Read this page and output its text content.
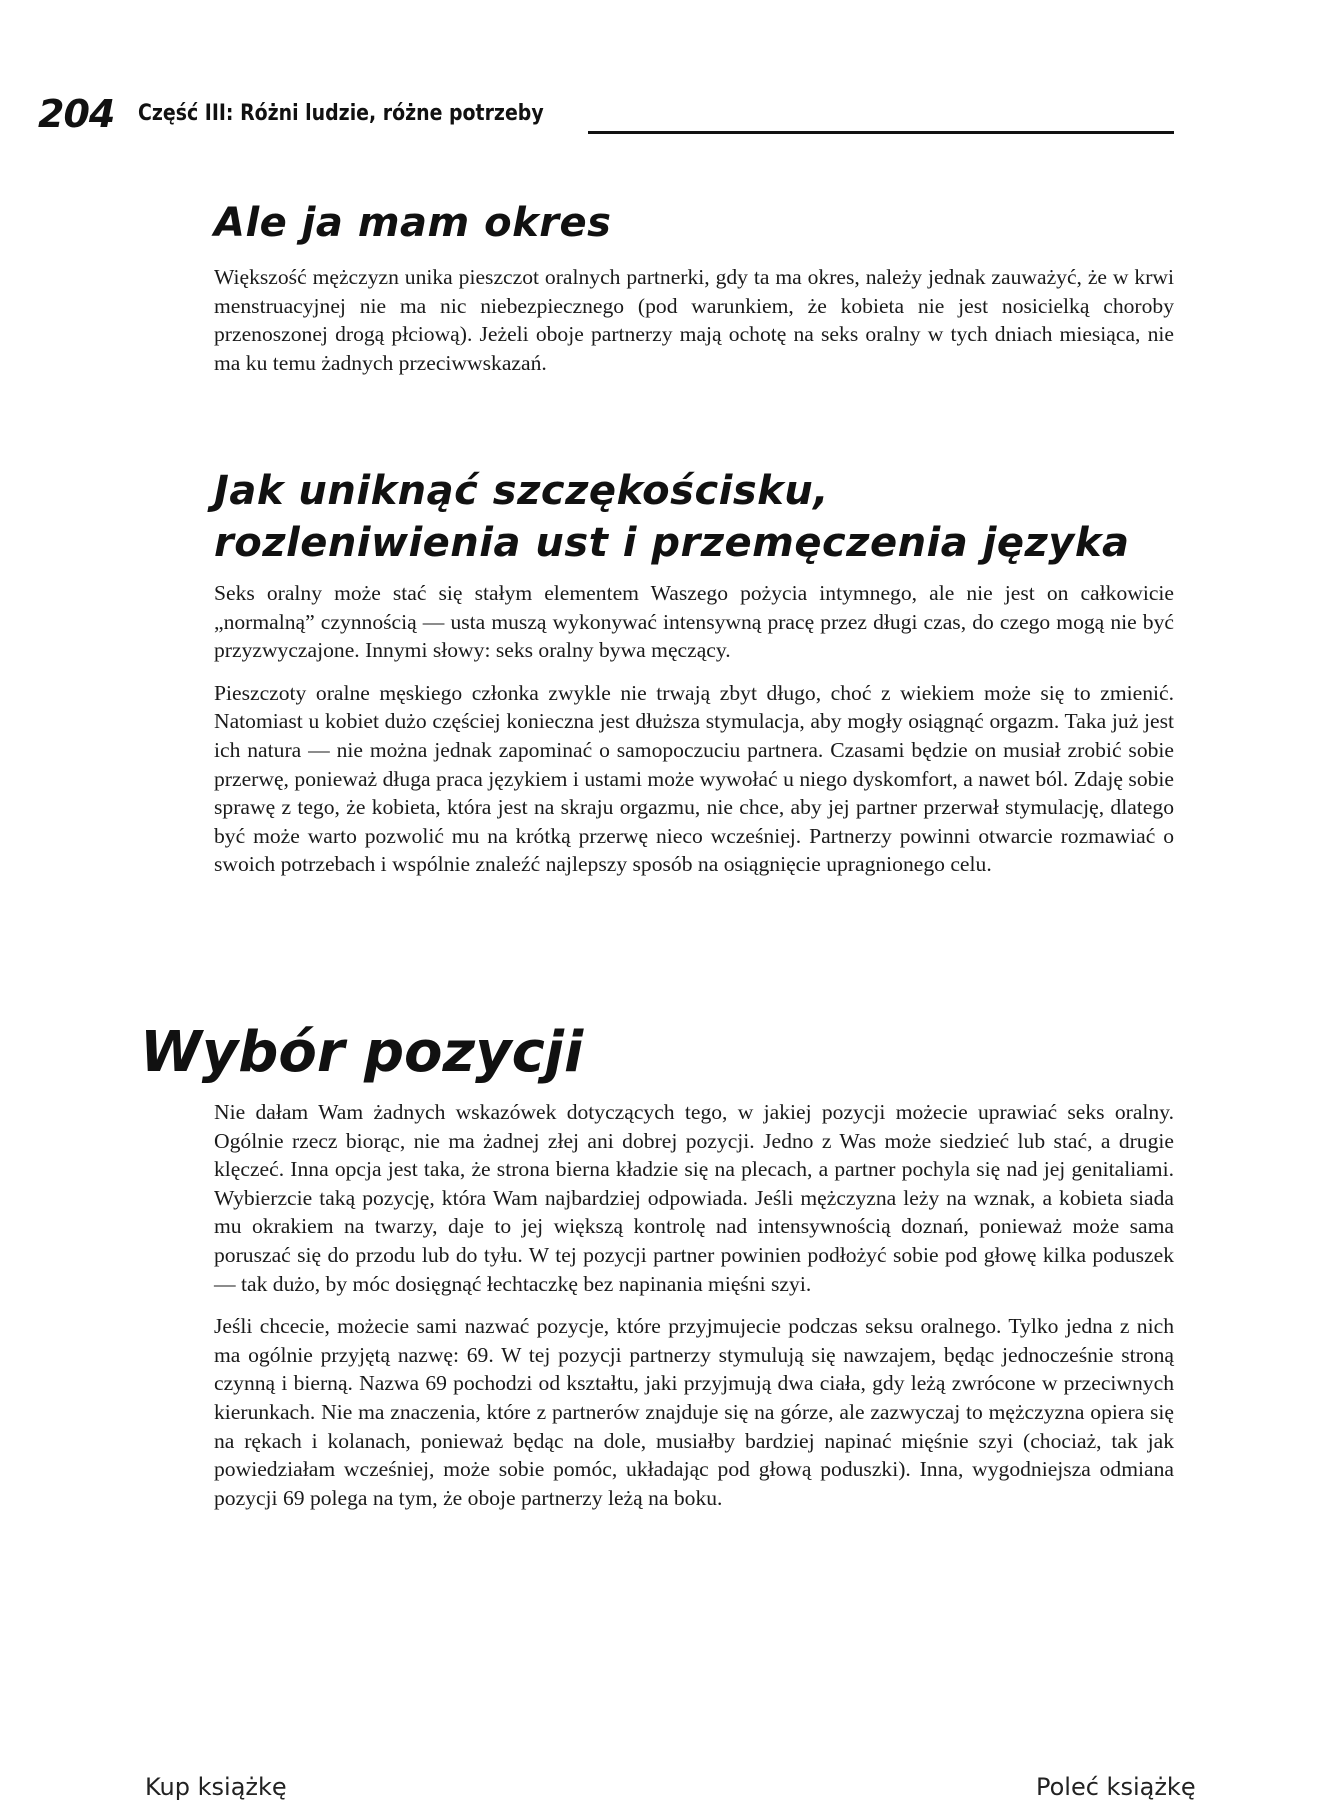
204 Część III: Różni ludzie, różne potrzeby
Ale ja mam okres

Większość mężczyzn unika pieszczot oralnych partnerki, gdy ta ma okres, należy jednak zauważyć, że w krwi menstruacyjnej nie ma nic niebezpiecznego (pod warunkiem, że kobieta nie jest nosicielką choroby przenoszonej drogą płciową). Jeżeli oboje partnerzy mają ochotę na seks oralny w tych dniach miesiąca, nie ma ku temu żadnych przeciwwskazań.

Jak uniknąć szczękościsku,
rozleniwienia ust i przemęczenia języka

Seks oralny może stać się stałym elementem Waszego pożycia intymnego, ale nie jest on całkowicie „normalną” czynnością — usta muszą wykonywać intensywną pracę przez długi czas, do czego mogą nie być przyzwyczajone. Innymi słowy: seks oralny bywa męczący.

Pieszczoty oralne męskiego członka zwykle nie trwają zbyt długo, choć z wiekiem może się to zmienić. Natomiast u kobiet dużo częściej konieczna jest dłuższa stymulacja, aby mogły osiągnąć orgazm. Taka już jest ich natura — nie można jednak zapominać o samopoczuciu partnera. Czasami będzie on musiał zrobić sobie przerwę, ponieważ długa praca językiem i ustami może wywołać u niego dyskomfort, a nawet ból. Zdaję sobie sprawę z tego, że kobieta, która jest na skraju orgazmu, nie chce, aby jej partner przerwał stymulację, dlatego być może warto pozwolić mu na krótką przerwę nieco wcześniej. Partnerzy powinni otwarcie rozmawiać o swoich potrzebach i wspólnie znaleźć najlepszy sposób na osiągnięcie upragnionego celu.

Wybór pozycji

Nie dałam Wam żadnych wskazówek dotyczących tego, w jakiej pozycji możecie uprawiać seks oralny. Ogólnie rzecz biorąc, nie ma żadnej złej ani dobrej pozycji. Jedno z Was może siedzieć lub stać, a drugie klęczeć. Inna opcja jest taka, że strona bierna kładzie się na plecach, a partner pochyla się nad jej genitaliami. Wybierzcie taką pozycję, która Wam najbardziej odpowiada. Jeśli mężczyzna leży na wznak, a kobieta siada mu okrakiem na twarzy, daje to jej większą kontrolę nad intensywnością doznań, ponieważ może sama poruszać się do przodu lub do tyłu. W tej pozycji partner powinien podłożyć sobie pod głowę kilka poduszek — tak dużo, by móc dosięgnąć łechtaczkę bez napinania mięśni szyi.

Jeśli chcecie, możecie sami nazwać pozycje, które przyjmujecie podczas seksu oralnego. Tylko jedna z nich ma ogólnie przyjętą nazwę: 69. W tej pozycji partnerzy stymulują się nawzajem, będąc jednocześnie stroną czynną i bierną. Nazwa 69 pochodzi od kształtu, jaki przyjmują dwa ciała, gdy leżą zwrócone w przeciwnych kierunkach. Nie ma znaczenia, które z partnerów znajduje się na górze, ale zazwyczaj to mężczyzna opiera się na rękach i kolanach, ponieważ będąc na dole, musiałby bardziej napinać mięśnie szyi (chociaż, tak jak powiedziałam wcześniej, może sobie pomóc, układając pod głową poduszki). Inna, wygodniejsza odmiana pozycji 69 polega na tym, że oboje partnerzy leżą na boku.

Kup książkę	Poleć książkę
